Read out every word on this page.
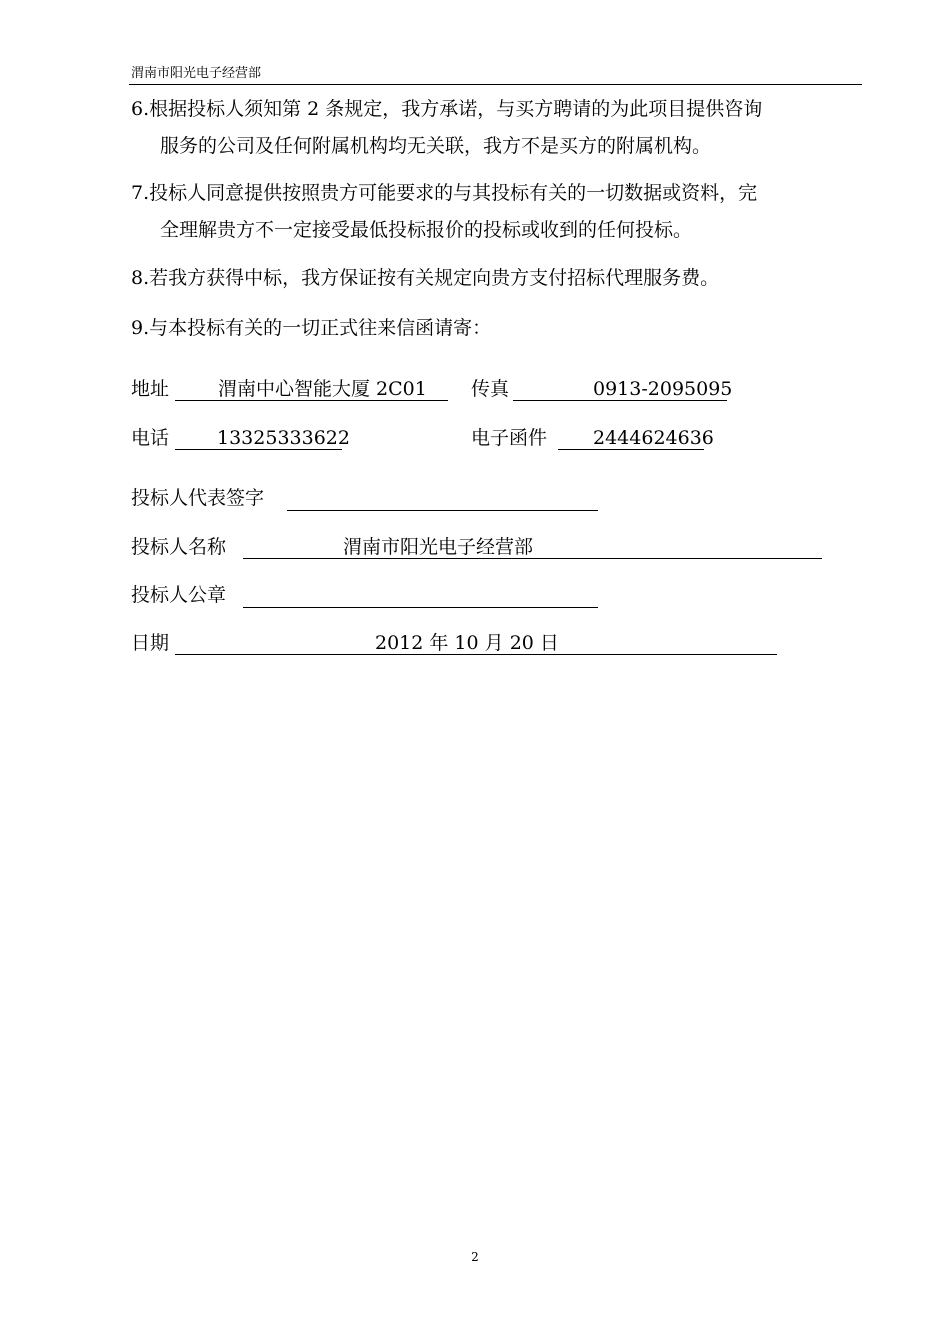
渭南市阳光电子经营部
6.根据投标人须知第 2 条规定，我方承诺，与买方聘请的为此项目提供咨询
服务的公司及任何附属机构均无关联，我方不是买方的附属机构。
7.投标人同意提供按照贵方可能要求的与其投标有关的一切数据或资料，完
全理解贵方不一定接受最低投标报价的投标或收到的任何投标。
8.若我方获得中标，我方保证按有关规定向贵方支付招标代理服务费。
9.与本投标有关的一切正式往来信函请寄：
地址	渭南中心智能大厦 2C01	传真	0913-2095095
电话	13325333622	电子函件	2444624636
投标人代表签字
投标人名称	渭南市阳光电子经营部
投标人公章
日期	2012 年 10 月 20 日
2
